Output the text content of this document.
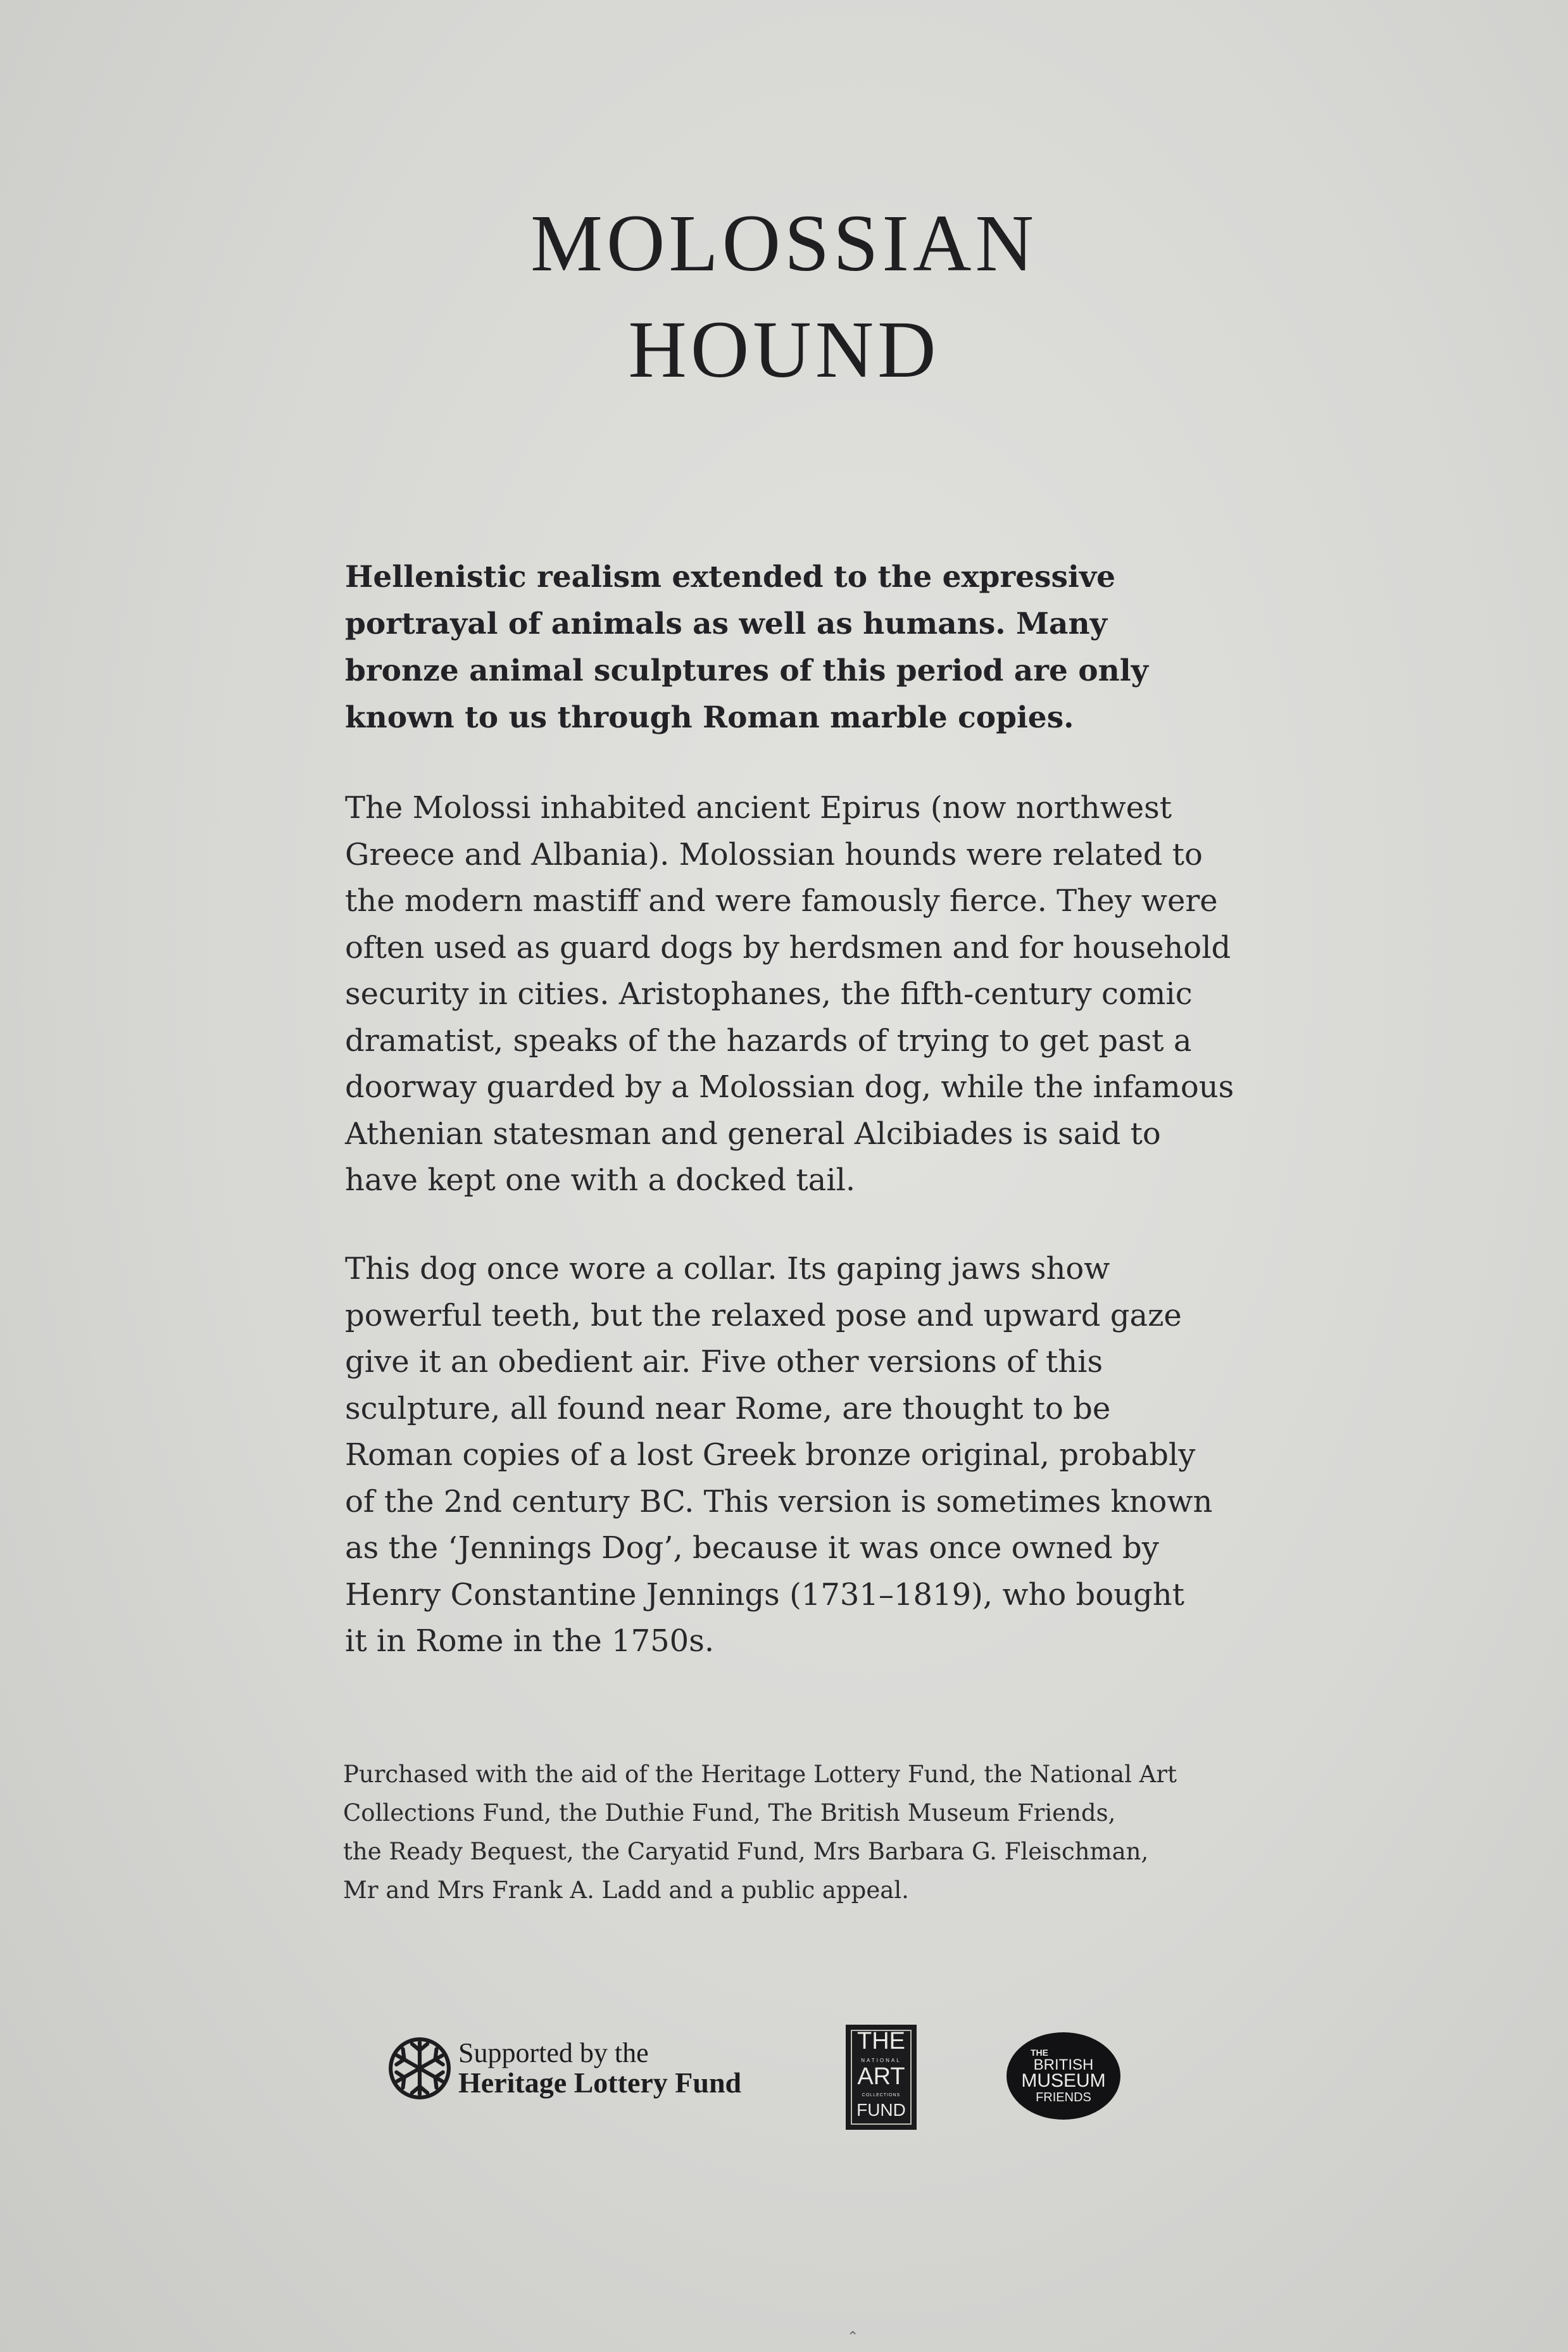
MOLOSSIAN
HOUND
Hellenistic realism extended to the expressive
portrayal of animals as well as humans. Many
bronze animal sculptures of this period are only
known to us through Roman marble copies.
The Molossi inhabited ancient Epirus (now northwest
Greece and Albania). Molossian hounds were related to
the modern mastiff and were famously fierce. They were
often used as guard dogs by herdsmen and for household
security in cities. Aristophanes, the fifth-century comic
dramatist, speaks of the hazards of trying to get past a
doorway guarded by a Molossian dog, while the infamous
Athenian statesman and general Alcibiades is said to
have kept one with a docked tail.
This dog once wore a collar. Its gaping jaws show
powerful teeth, but the relaxed pose and upward gaze
give it an obedient air. Five other versions of this
sculpture, all found near Rome, are thought to be
Roman copies of a lost Greek bronze original, probably
of the 2nd century BC. This version is sometimes known
as the ‘Jennings Dog’, because it was once owned by
Henry Constantine Jennings (1731–1819), who bought
it in Rome in the 1750s.
Purchased with the aid of the Heritage Lottery Fund, the National Art
Collections Fund, the Duthie Fund, The British Museum Friends,
the Ready Bequest, the Caryatid Fund, Mrs Barbara G. Fleischman,
Mr and Mrs Frank A. Ladd and a public appeal.
Supported by the
Heritage Lottery Fund
THE
NATIONAL
ART
COLLECTIONS
FUND
THE
BRITISH
MUSEUM
FRIENDS
⌃
